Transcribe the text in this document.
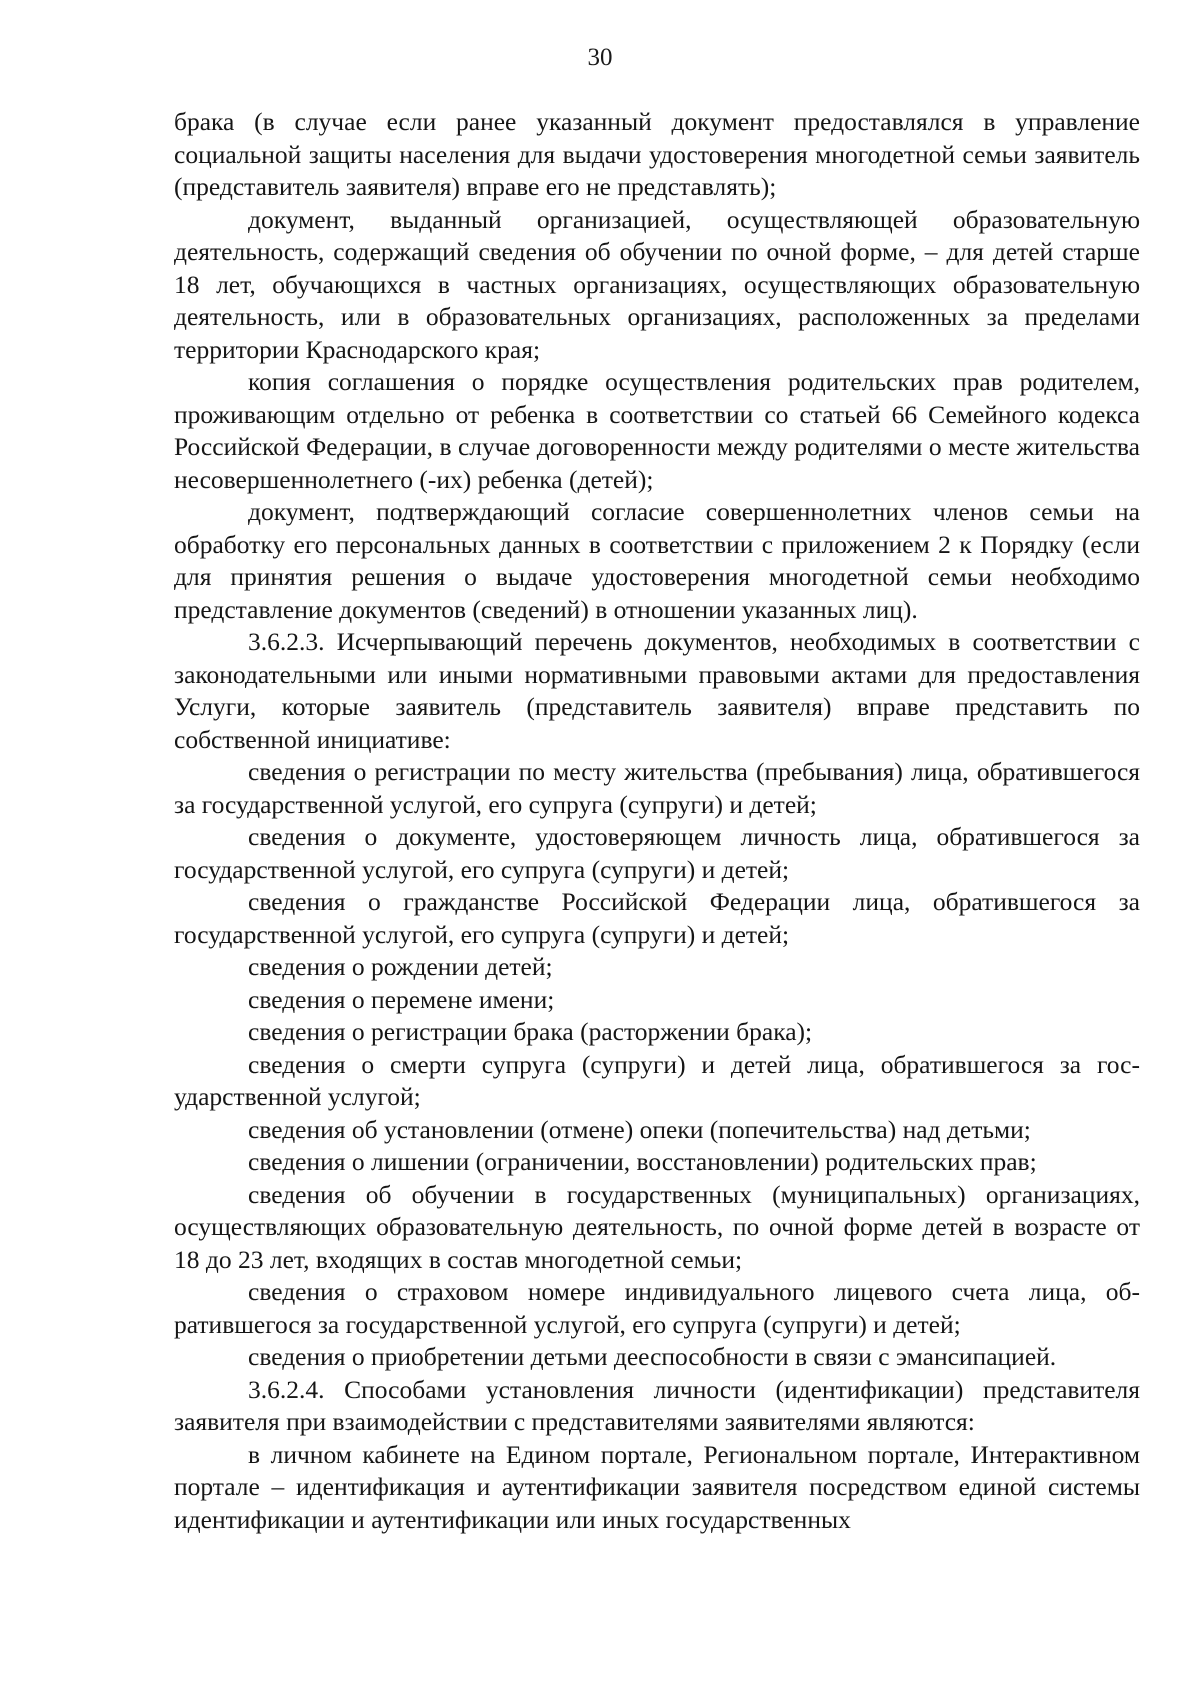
30

брака (в случае если ранее указанный документ предоставлялся в управление социальной защиты населения для выдачи удостоверения многодетной семьи заявитель (представитель заявителя) вправе его не представлять);

документ, выданный организацией, осуществляющей образовательную деятельность, содержащий сведения об обучении по очной форме, – для детей старше 18 лет, обучающихся в частных организациях, осуществляющих образовательную деятельность, или в образовательных организациях, расположенных за пределами территории Краснодарского края;

копия соглашения о порядке осуществления родительских прав родителем, проживающим отдельно от ребенка в соответствии со статьей 66 Семейного кодекса Российской Федерации, в случае договоренности между родителями о месте жительства несовершеннолетнего (-их) ребенка (детей);

документ, подтверждающий согласие совершеннолетних членов семьи на обработку его персональных данных в соответствии с приложением 2 к Порядку (если для принятия решения о выдаче удостоверения многодетной семьи необходимо представление документов (сведений) в отношении указанных лиц).

3.6.2.3. Исчерпывающий перечень документов, необходимых в соответствии с законодательными или иными нормативными правовыми актами для предоставления Услуги, которые заявитель (представитель заявителя) вправе представить по собственной инициативе:

сведения о регистрации по месту жительства (пребывания) лица, обратившегося за государственной услугой, его супруга (супруги) и детей;

сведения о документе, удостоверяющем личность лица, обратившегося за государственной услугой, его супруга (супруги) и детей;

сведения о гражданстве Российской Федерации лица, обратившегося за государственной услугой, его супруга (супруги) и детей;

сведения о рождении детей;

сведения о перемене имени;

сведения о регистрации брака (расторжении брака);

сведения о смерти супруга (супруги) и детей лица, обратившегося за государственной услугой;

сведения об установлении (отмене) опеки (попечительства) над детьми;

сведения о лишении (ограничении, восстановлении) родительских прав;

сведения об обучении в государственных (муниципальных) организациях, осуществляющих образовательную деятельность, по очной форме детей в возрасте от 18 до 23 лет, входящих в состав многодетной семьи;

сведения о страховом номере индивидуального лицевого счета лица, обратившегося за государственной услугой, его супруга (супруги) и детей;

сведения о приобретении детьми дееспособности в связи с эмансипацией.

3.6.2.4. Способами установления личности (идентификации) представителя заявителя при взаимодействии с представителями заявителями являются:

в личном кабинете на Едином портале, Региональном портале, Интерактивном портале – идентификация и аутентификации заявителя посредством единой системы идентификации и аутентификации или иных государственных
